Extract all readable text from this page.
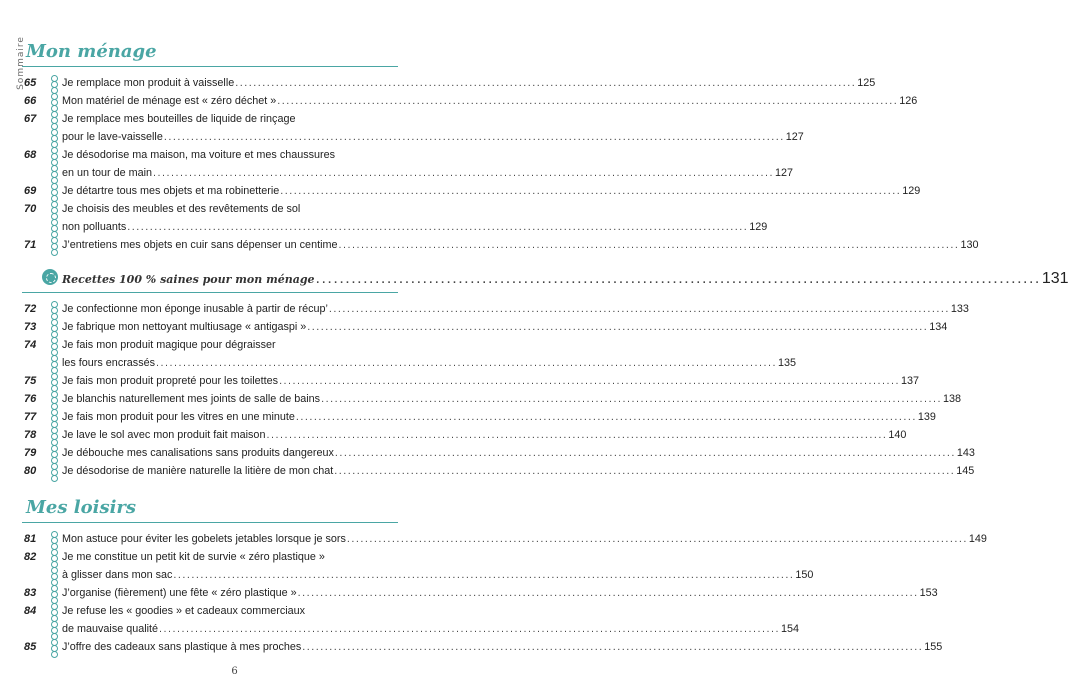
Sommaire Mon ménage
65	Je remplace mon produit à vaisselle .......................................................................................................................................... 125
66	Mon matériel de ménage est « zéro déchet » .......................................................................................................................................... 126
67	Je remplace mes bouteilles de liquide de rinçage
pour le lave-vaisselle .......................................................................................................................................... 127
68	Je désodorise ma maison, ma voiture et mes chaussures
en un tour de main .......................................................................................................................................... 127
69	Je détartre tous mes objets et ma robinetterie .......................................................................................................................................... 129
70	Je choisis des meubles et des revêtements de sol
non polluants .......................................................................................................................................... 129
71	J’entretiens mes objets en cuir sans dépenser un centime .......................................................................................................................................... 130
Recettes 100 % saines pour mon ménage .......................................................................................................................... 131
72	Je confectionne mon éponge inusable à partir de récup’ .......................................................................................................................................... 133
73	Je fabrique mon nettoyant multiusage « antigaspi » .......................................................................................................................................... 134
74	Je fais mon produit magique pour dégraisser
les fours encrassés .......................................................................................................................................... 135
75	Je fais mon produit propreté pour les toilettes .......................................................................................................................................... 137
76	Je blanchis naturellement mes joints de salle de bains .......................................................................................................................................... 138
77	Je fais mon produit pour les vitres en une minute .......................................................................................................................................... 139
78	Je lave le sol avec mon produit fait maison .......................................................................................................................................... 140
79	Je débouche mes canalisations sans produits dangereux .......................................................................................................................................... 143
80	Je désodorise de manière naturelle la litière de mon chat .......................................................................................................................................... 145
Mes loisirs
81	Mon astuce pour éviter les gobelets jetables lorsque je sors .......................................................................................................................................... 149
82	Je me constitue un petit kit de survie « zéro plastique »
à glisser dans mon sac .......................................................................................................................................... 150
83	J’organise (fièrement) une fête « zéro plastique » .......................................................................................................................................... 153
84	Je refuse les « goodies » et cadeaux commerciaux
de mauvaise qualité .......................................................................................................................................... 154
85	J’offre des cadeaux sans plastique à mes proches .......................................................................................................................................... 155
6
